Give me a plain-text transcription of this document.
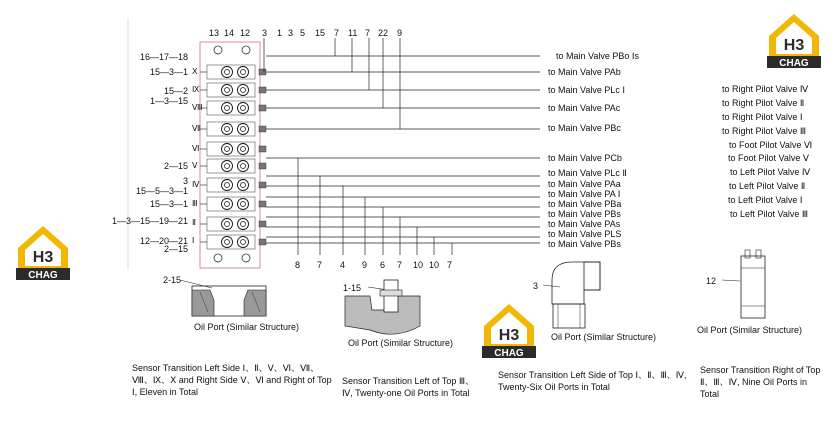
13 14 12 3 1 3 5 15 7 11 7 22 9
8 7 4 9 6 7 10 10 7
16—17—18
15—3—1
15—2
1—3—15
2—15
3
15—5—3—1
15—3—1
1—3—15—19—21
12—20—21
2—15
Ⅹ
Ⅸ
Ⅷ
Ⅶ
Ⅵ
Ⅴ
Ⅳ
Ⅲ
Ⅱ
Ⅰ
to Main Valve PBo Ⅰs
to Main Valve PAb
to Main Valve PLc Ⅰ
to Main Valve PAc
to Main Valve PBc
to Main Valve PCb
to Main Valve PLc Ⅱ
to Main Valve PAa
to Main Valve PA Ⅰ
to Main Valve PBa
to Main Valve PBs
to Main Valve PAs
to Main Valve PLS
to Main Valve PBs
to Right Pilot Valve Ⅳ
to Right Pilot Valve Ⅱ
to Right Pilot Valve Ⅰ
to Right Pilot Valve Ⅲ
to Foot Pilot Valve Ⅵ
to Foot Pilot Valve Ⅴ
to Left Pilot Valve Ⅳ
to Left Pilot Valve Ⅱ
to Left Pilot Valve Ⅰ
to Left Pilot Valve Ⅲ
2-15
1-15	3	12
Oil Port (Similar Structure)
Oil Port (Similar Structure)
Oil Port (Similar Structure)
Oil Port (Similar Structure)
Sensor Transition Left Side Ⅰ、Ⅱ、Ⅴ、Ⅵ、Ⅶ、Ⅷ、Ⅸ、Ⅹ and Right Side Ⅴ、Ⅵ and Right of Top Ⅰ, Eleven in Total
Sensor Transition Left of Top Ⅲ、Ⅳ, Twenty-one Oil Ports in Total
Sensor Transition Left Side of Top Ⅰ、Ⅱ、Ⅲ、Ⅳ, Twenty-Six Oil Ports in Total
Sensor Transition Right of Top Ⅱ、Ⅲ、Ⅳ, Nine Oil Ports in Total
H3
CHAG
H3
CHAG
H3
CHAG
